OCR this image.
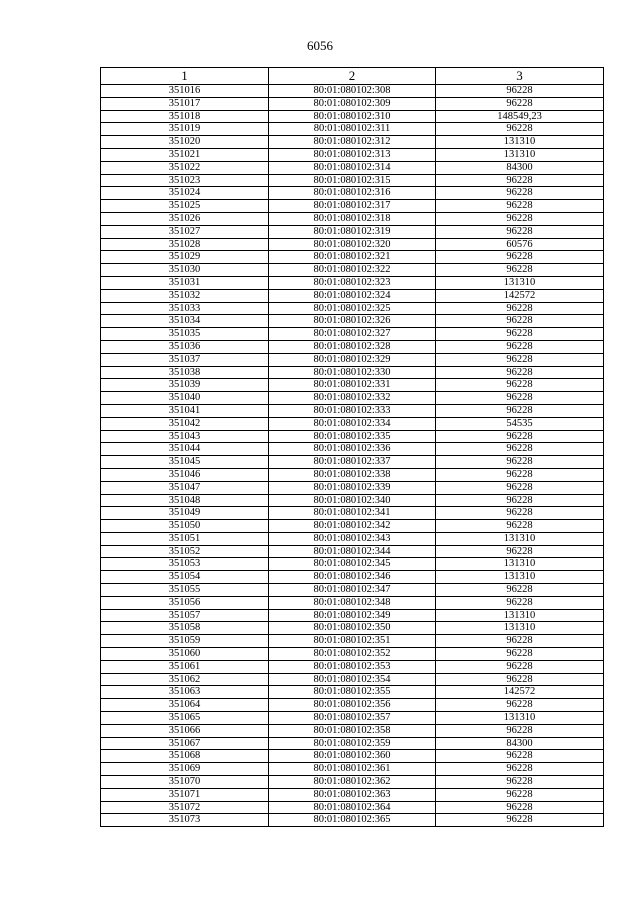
6056
1	2	3
351016	80:01:080102:308	96228
351017	80:01:080102:309	96228
351018	80:01:080102:310	148549,23
351019	80:01:080102:311	96228
351020	80:01:080102:312	131310
351021	80:01:080102:313	131310
351022	80:01:080102:314	84300
351023	80:01:080102:315	96228
351024	80:01:080102:316	96228
351025	80:01:080102:317	96228
351026	80:01:080102:318	96228
351027	80:01:080102:319	96228
351028	80:01:080102:320	60576
351029	80:01:080102:321	96228
351030	80:01:080102:322	96228
351031	80:01:080102:323	131310
351032	80:01:080102:324	142572
351033	80:01:080102:325	96228
351034	80:01:080102:326	96228
351035	80:01:080102:327	96228
351036	80:01:080102:328	96228
351037	80:01:080102:329	96228
351038	80:01:080102:330	96228
351039	80:01:080102:331	96228
351040	80:01:080102:332	96228
351041	80:01:080102:333	96228
351042	80:01:080102:334	54535
351043	80:01:080102:335	96228
351044	80:01:080102:336	96228
351045	80:01:080102:337	96228
351046	80:01:080102:338	96228
351047	80:01:080102:339	96228
351048	80:01:080102:340	96228
351049	80:01:080102:341	96228
351050	80:01:080102:342	96228
351051	80:01:080102:343	131310
351052	80:01:080102:344	96228
351053	80:01:080102:345	131310
351054	80:01:080102:346	131310
351055	80:01:080102:347	96228
351056	80:01:080102:348	96228
351057	80:01:080102:349	131310
351058	80:01:080102:350	131310
351059	80:01:080102:351	96228
351060	80:01:080102:352	96228
351061	80:01:080102:353	96228
351062	80:01:080102:354	96228
351063	80:01:080102:355	142572
351064	80:01:080102:356	96228
351065	80:01:080102:357	131310
351066	80:01:080102:358	96228
351067	80:01:080102:359	84300
351068	80:01:080102:360	96228
351069	80:01:080102:361	96228
351070	80:01:080102:362	96228
351071	80:01:080102:363	96228
351072	80:01:080102:364	96228
351073	80:01:080102:365	96228
